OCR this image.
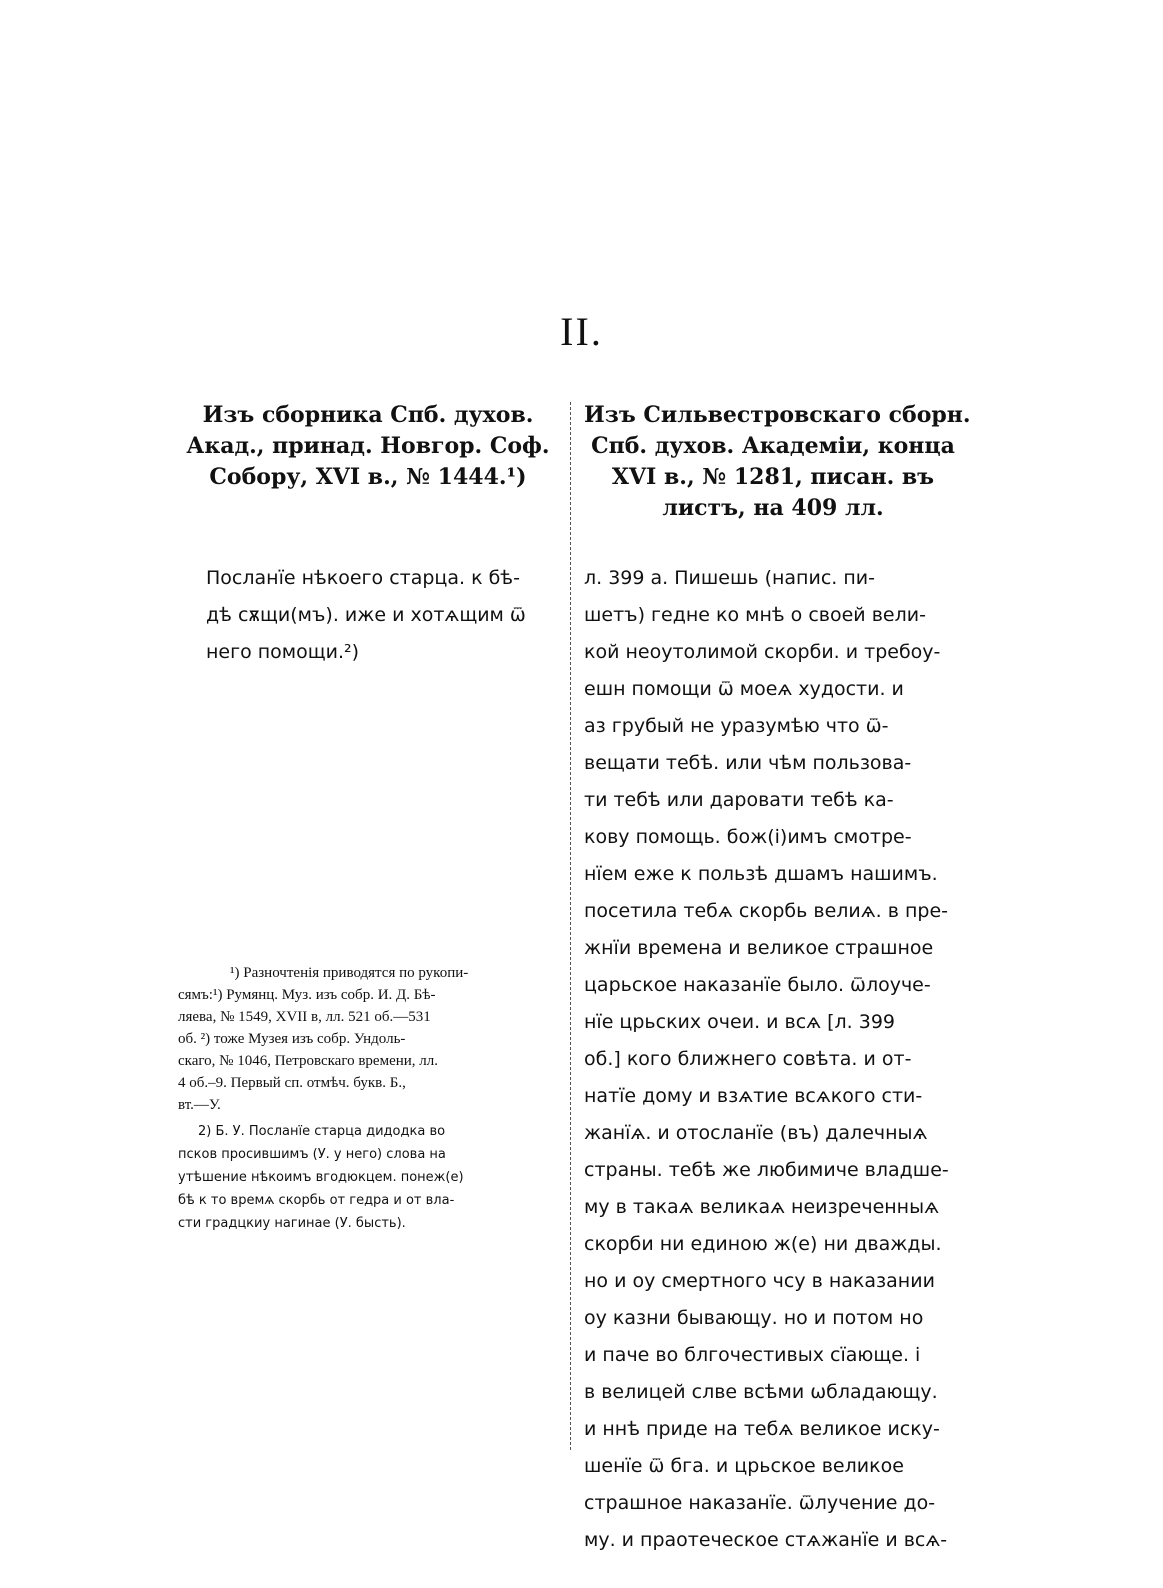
II.
Изъ сборника Спб. духов.
Акад., принад. Новгор. Соф.
Собору, XVI в., № 1444.¹)
Посланїе нѣкоего старца. к бѣ-
дѣ сѫщи(мъ). иже и хотѧщим ѿ
него помощи.²)
¹) Разночтенія приводятся по рукопи-
сямъ:¹) Румянц. Муз. изъ собр. И. Д. Бѣ-
ляева, № 1549, XVII в, лл. 521 об.—531
об. ²) тожe Музея изъ собр. Ундоль-
скаго, № 1046, Петровскаго времени, лл.
4 об.–9. Первый сп. отмѣч. букв. Б.,
вт.—У.
2) Б. У. Посланїе старца дидодка во
псков просившимъ (У. у него) слова на
утѣшение нѣкоимъ вгодюкцем. понеж(е)
бѣ к то времѧ скорбь от гедра и от вла-
сти градцкиу нагинае (У. бысть).
Изъ Сильвестровскаго сборн.
Спб. духов. Академіи, конца
XVI в., № 1281, писан. въ
листъ, на 409 лл.
л. 399 а. Пишешь (напис. пи-
шетъ) гедне ко мнѣ о своей вели-
кой неоутолимой скорби. и требоу-
ешн помощи ѿ моеѧ худости. и
аз грубый не уразумѣю что ѿ-
вещати тебѣ. или чѣм пользова-
ти тебѣ или даровати тебѣ ка-
кову помощь. бож(і)имъ смотре-
нїем еже к пользѣ дшамъ нашимъ.
посетила тебѧ скорбь велиѧ. в пре-
жнїи времена и великое страшное
царьское наказанїе было. ѿлоуче-
нїе црьских очеи. и всѧ [л. 399
об.] кого ближнего совѣта. и от-
натїе дому и взѧтие всѧкого сти-
жанїѧ. и отосланїе (въ) далечныѧ
страны. тебѣ же любимиче владше-
му в такаѧ великаѧ неизреченныѧ
скорби ни единою ж(е) ни дважды.
но и оу смертного чсу в наказании
оу казни бывающу. но и потом но
и паче во блгочестивых сїающе. і
в велицей слве всѣми ѡбладающу.
и ннѣ приде на тебѧ великое иску-
шенїе ѿ бга. и црьское великое
страшное наказанїе. ѿлучение до-
му. и праотеческое стѧжанїе и всѧ-
